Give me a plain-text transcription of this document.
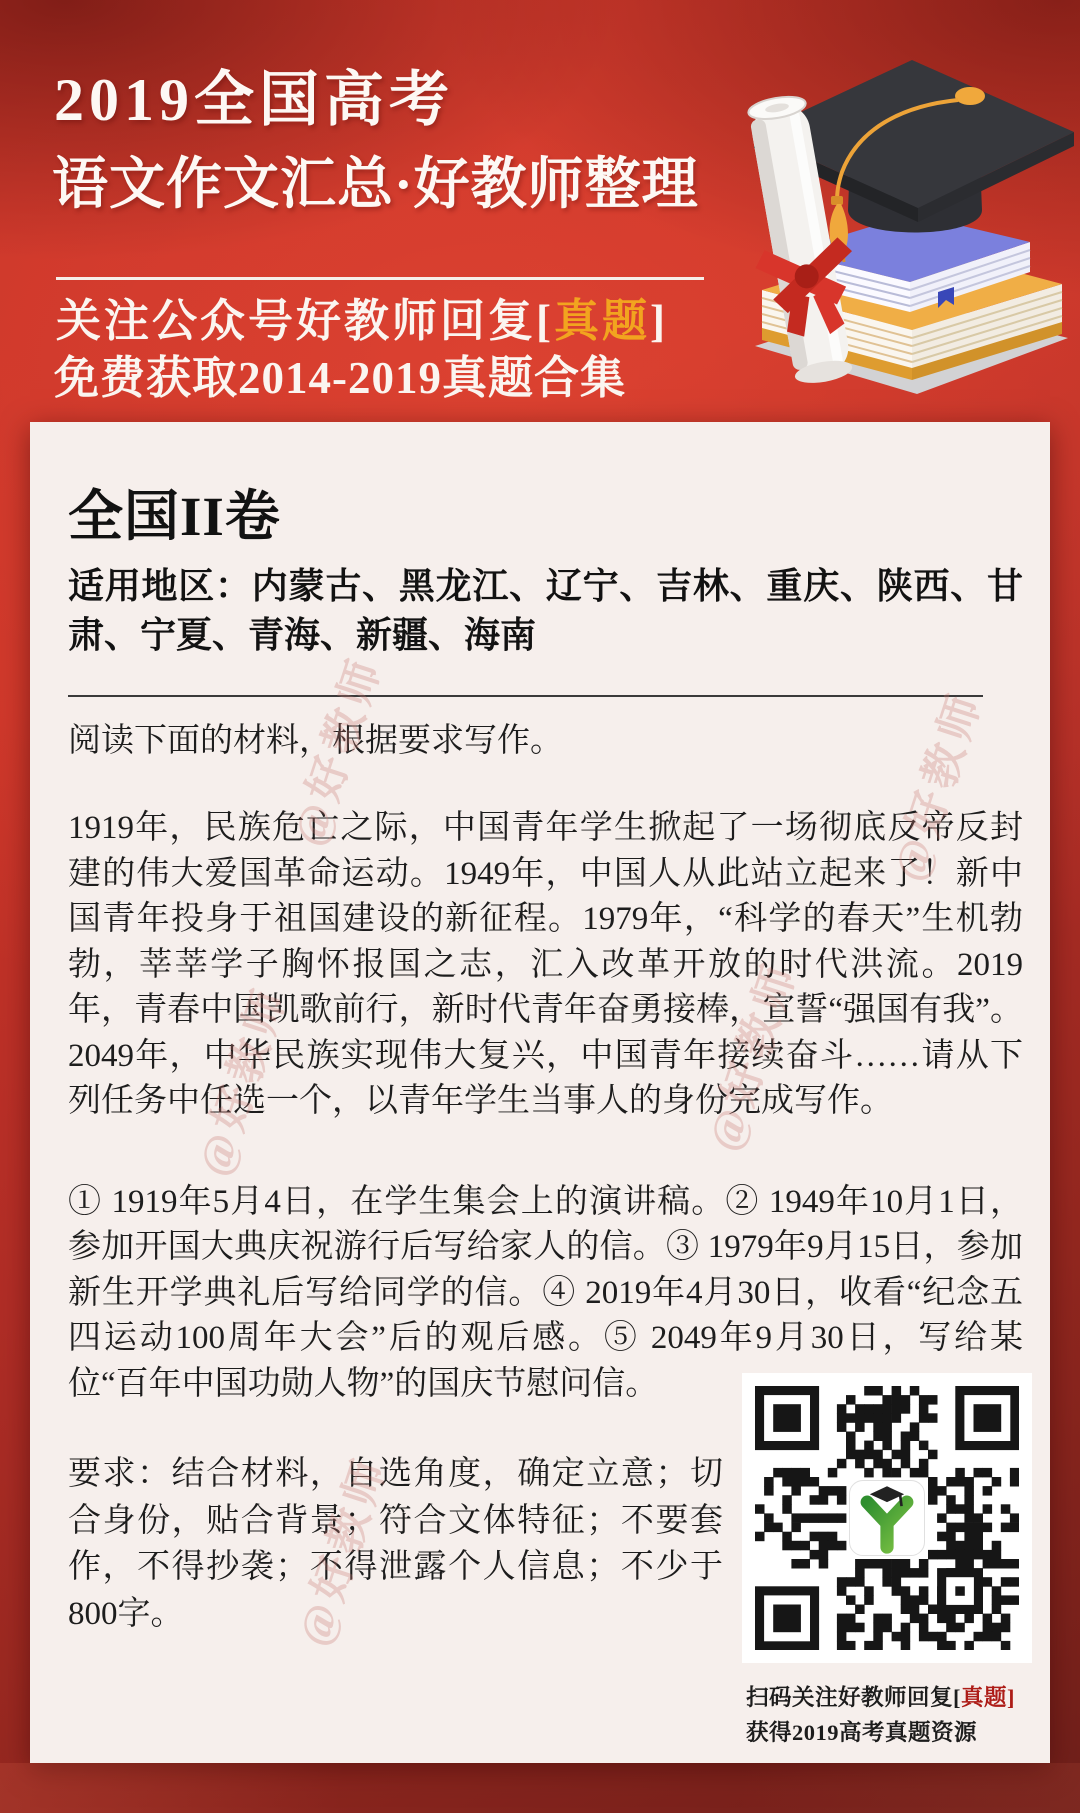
2019全国高考
语文作文汇总·好教师整理
关注公众号好教师回复[真题]
免费获取2014-2019真题合集
@好教师	@好教师
@好教师	@好教师
@好教师
全国II卷

适用地区：内蒙古、黑龙江、辽宁、吉林、重庆、陕西、甘肃、宁夏、青海、新疆、海南

阅读下面的材料，根据要求写作。

1919年，民族危亡之际，中国青年学生掀起了一场彻底反帝反封建的伟大爱国革命运动。1949年，中国人从此站立起来了！新中国青年投身于祖国建设的新征程。1979年，“科学的春天”生机勃勃，莘莘学子胸怀报国之志，汇入改革开放的时代洪流。2019年，青春中国凯歌前行，新时代青年奋勇接棒，宣誓“强国有我”。2049年，中华民族实现伟大复兴，中国青年接续奋斗……请从下列任务中任选一个，以青年学生当事人的身份完成写作。

① 1919年5月4日，在学生集会上的演讲稿。② 1949年10月1日，参加开国大典庆祝游行后写给家人的信。③ 1979年9月15日，参加新生开学典礼后写给同学的信。④ 2019年4月30日，收看“纪念五四运动100周年大会”后的观后感。⑤ 2049年9月30日，写给某位“百年中国功勋人物”的国庆节慰问信。

要求：结合材料，自选角度，确定立意；切合身份，贴合背景；符合文体特征；不要套作，不得抄袭；不得泄露个人信息；不少于800字。

扫码关注好教师回复[真题]

获得2019高考真题资源
